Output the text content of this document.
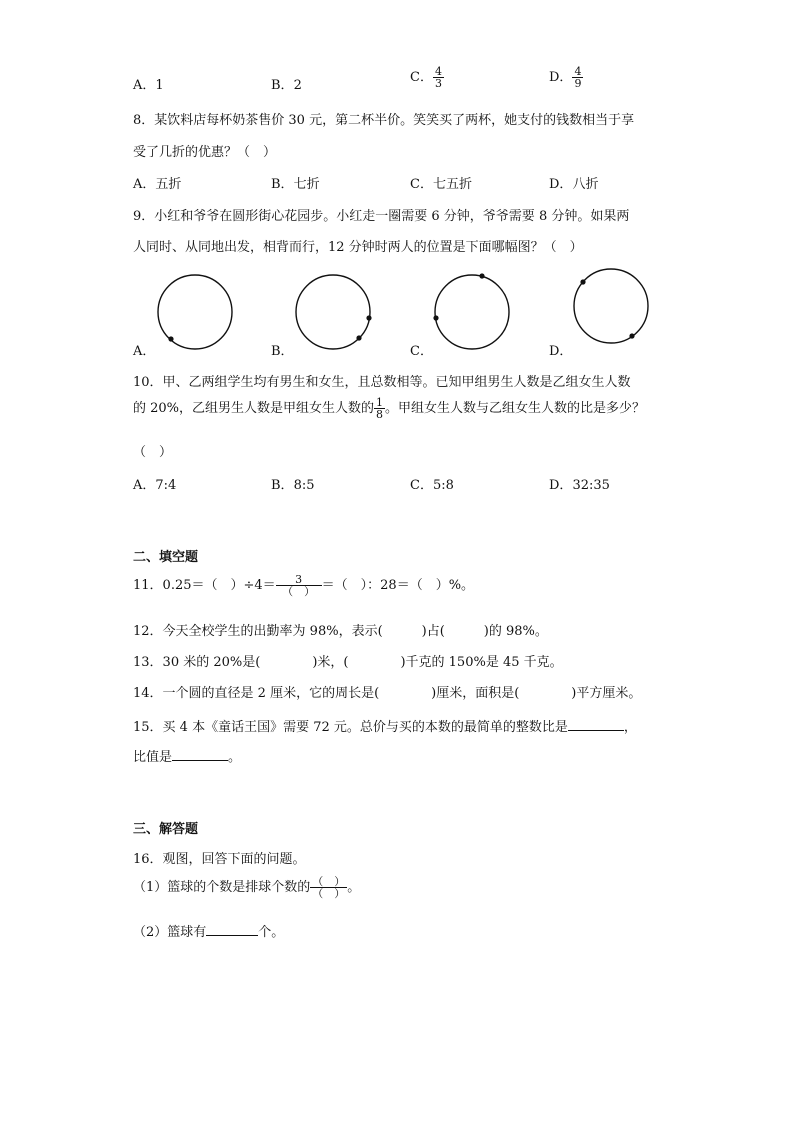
A．1	B．2
C． $\frac{4}{3}$	D． $\frac{4}{9}$
8．某饮料店每杯奶茶售价 30 元，第二杯半价。笑笑买了两杯，她支付的钱数相当于享
受了几折的优惠？（　）
A．五折	B．七折	C．七五折	D．八折
9．小红和爷爷在圆形街心花园步。小红走一圈需要 6 分钟，爷爷需要 8 分钟。如果两
人同时、从同地出发，相背而行，12 分钟时两人的位置是下面哪幅图？（　）
A．	B．	C．	D．
10．甲、乙两组学生均有男生和女生，且总数相等。已知甲组男生人数是乙组女生人数
的 20%，乙组男生人数是甲组女生人数的 $\frac{1}{8}$ 。甲组女生人数与乙组女生人数的比是多少？
（　）
A．7:4	B．8:5	C．5:8	D．32:35
二、填空题
11．0.25＝（　）$\div 4= \frac{3}{( )}$ ＝（　）：28＝（　）%。
12．今天全校学生的出勤率为 98%，表示(　　　)占(　　　)的 98%。
13．30 米的 20%是(　　　　)米，(　　　　)千克的 150%是 45 千克。
14．一个圆的直径是 2 厘米，它的周长是(　　　　)厘米，面积是(　　　　)平方厘米。
15．买 4 本《童话王国》需要 72 元。总价与买的本数的最简单的整数比是	，
比值是	。
三、解答题
16．观图，回答下面的问题。
（1）篮球的个数是排球个数的 $\frac{( )}{( )}$ 。
（2）篮球有	个。
